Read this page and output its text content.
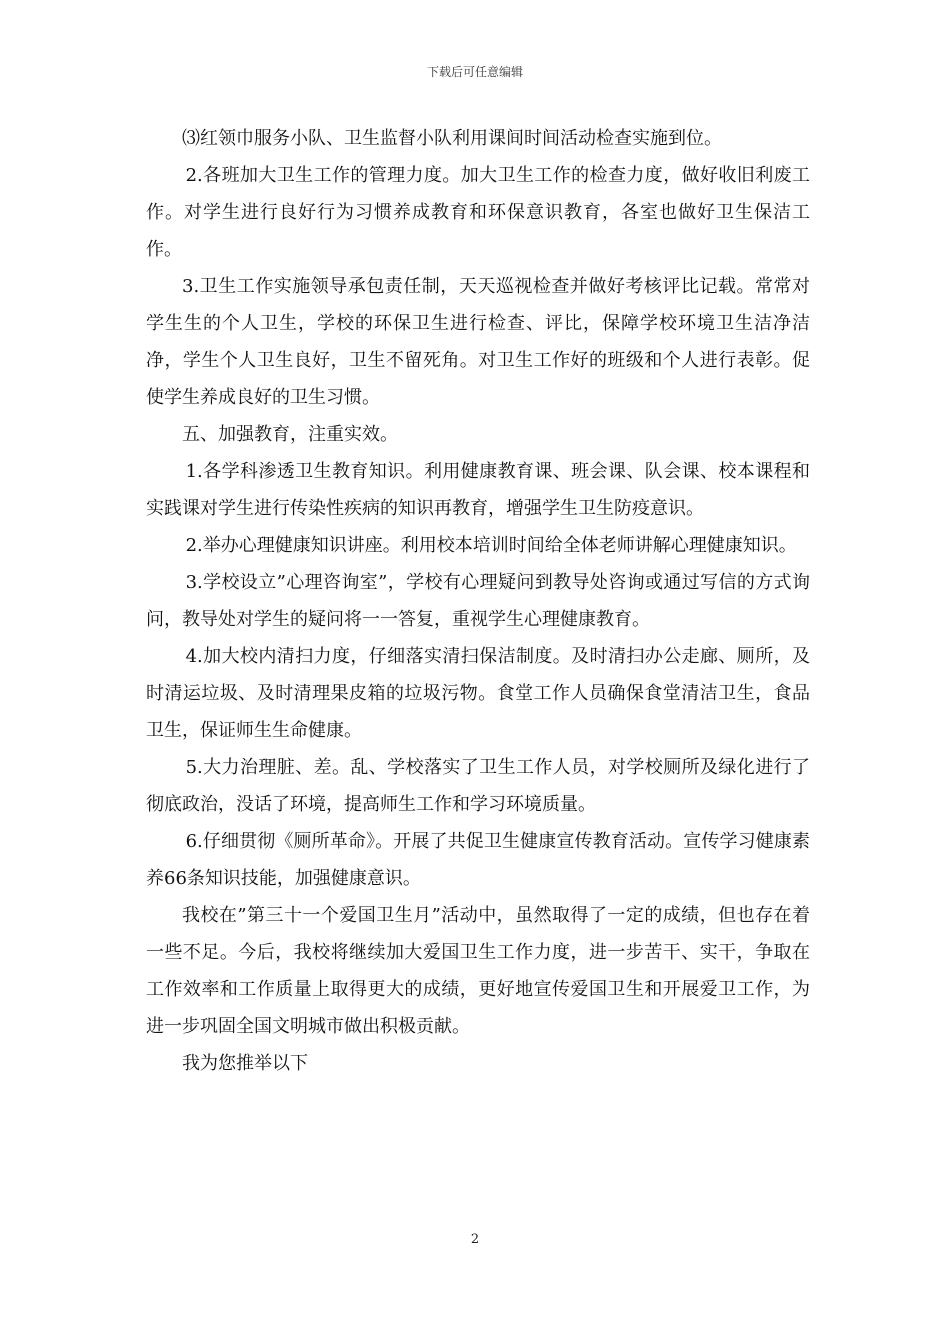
下载后可任意编辑

⑶红领巾服务小队、卫生监督小队利用课间时间活动检查实施到位。

2.各班加大卫生工作的管理力度。加大卫生工作的检查力度，做好收旧利废工作。对学生进行良好行为习惯养成教育和环保意识教育，各室也做好卫生保洁工作。

3.卫生工作实施领导承包责任制，天天巡视检查并做好考核评比记载。常常对学生生的个人卫生，学校的环保卫生进行检查、评比，保障学校环境卫生洁净洁净，学生个人卫生良好，卫生不留死角。对卫生工作好的班级和个人进行表彰。促使学生养成良好的卫生习惯。

五、加强教育，注重实效。

1.各学科渗透卫生教育知识。利用健康教育课、班会课、队会课、校本课程和实践课对学生进行传染性疾病的知识再教育，增强学生卫生防疫意识。

2.举办心理健康知识讲座。利用校本培训时间给全体老师讲解心理健康知识。

3.学校设立”心理咨询室”，学校有心理疑问到教导处咨询或通过写信的方式询问，教导处对学生的疑问将一一答复，重视学生心理健康教育。

4.加大校内清扫力度，仔细落实清扫保洁制度。及时清扫办公走廊、厕所，及时清运垃圾、及时清理果皮箱的垃圾污物。食堂工作人员确保食堂清洁卫生，食品卫生，保证师生生命健康。

5.大力治理脏、差。乱、学校落实了卫生工作人员，对学校厕所及绿化进行了彻底政治，没话了环境，提高师生工作和学习环境质量。

6.仔细贯彻《厕所革命》。开展了共促卫生健康宣传教育活动。宣传学习健康素养66条知识技能，加强健康意识。

我校在”第三十一个爱国卫生月”活动中，虽然取得了一定的成绩，但也存在着一些不足。今后，我校将继续加大爱国卫生工作力度，进一步苦干、实干，争取在工作效率和工作质量上取得更大的成绩，更好地宣传爱国卫生和开展爱卫工作，为进一步巩固全国文明城市做出积极贡献。

我为您推举以下

2
